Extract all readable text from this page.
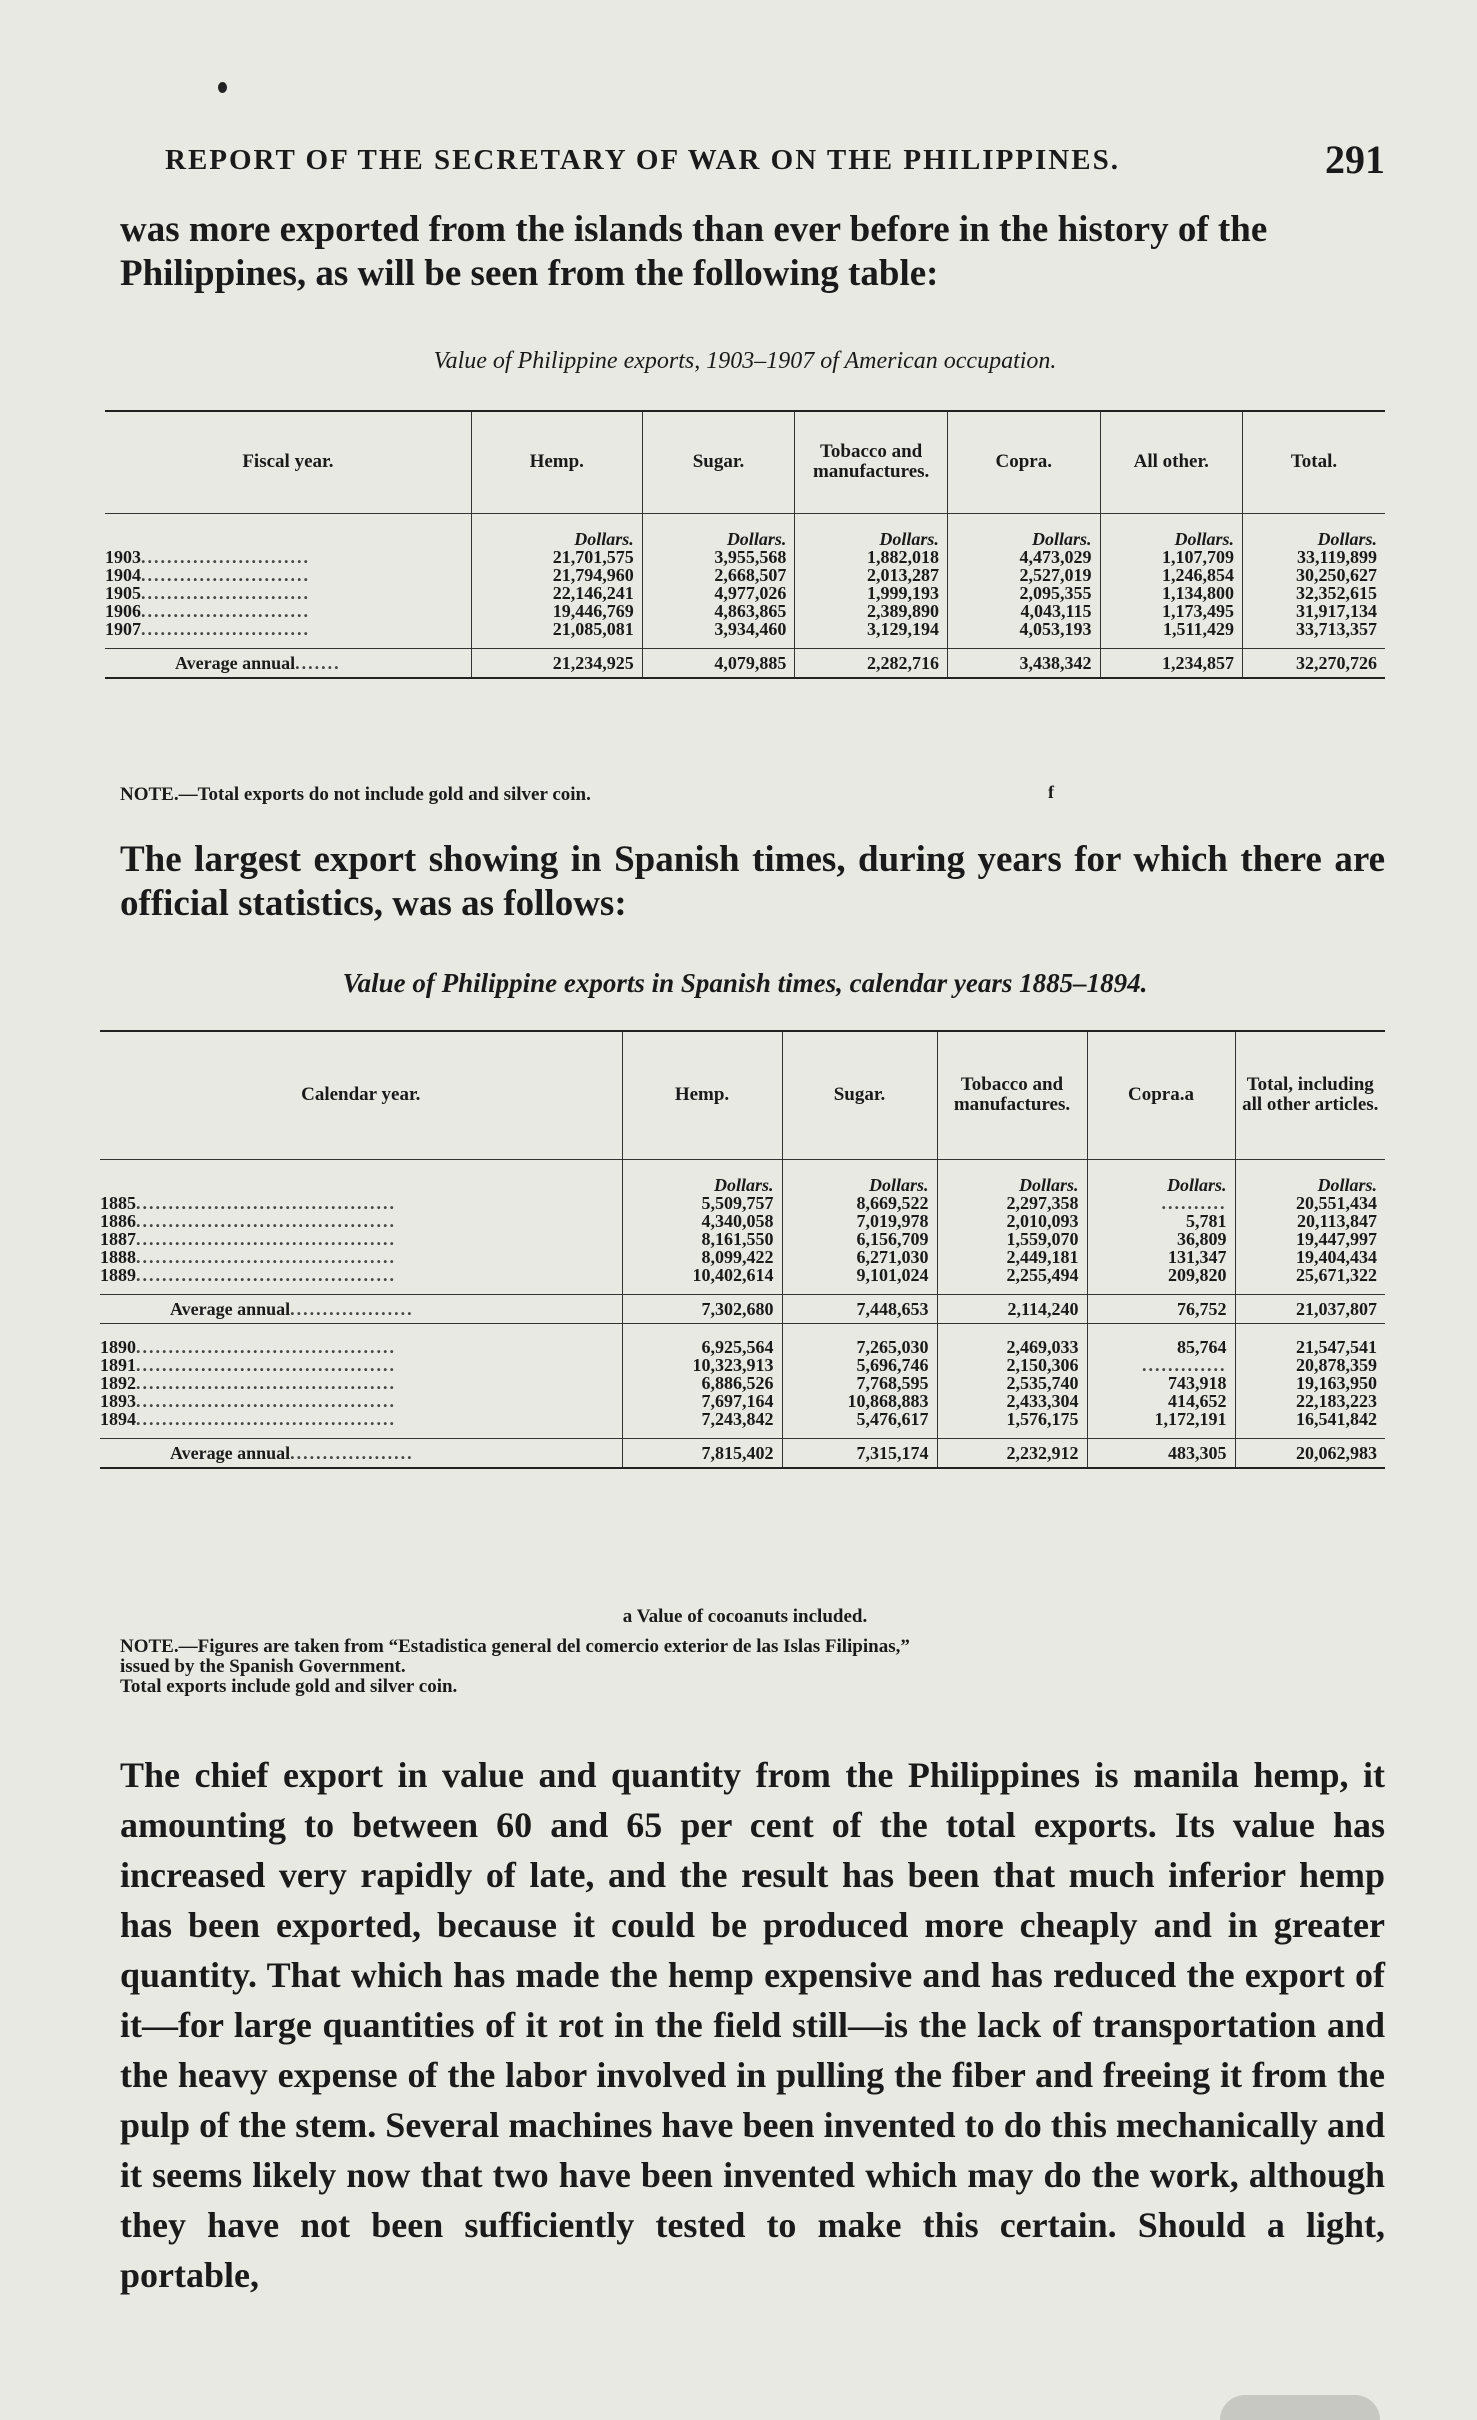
REPORT OF THE SECRETARY OF WAR ON THE PHILIPPINES.	291
was more exported from the islands than ever before in the history of the Philippines, as will be seen from the following table:
Value of Philippine exports, 1903–1907 of American occupation.
Fiscal year.	Hemp.	Sugar.	Tobacco and manufactures.	Copra.	All other.	Total.
	Dollars.	Dollars.	Dollars.	Dollars.	Dollars.	Dollars.
1903..........................	21,701,575	3,955,568	1,882,018	4,473,029	1,107,709	33,119,899
1904..........................	21,794,960	2,668,507	2,013,287	2,527,019	1,246,854	30,250,627
1905..........................	22,146,241	4,977,026	1,999,193	2,095,355	1,134,800	32,352,615
1906..........................	19,446,769	4,863,865	2,389,890	4,043,115	1,173,495	31,917,134
1907..........................	21,085,081	3,934,460	3,129,194	4,053,193	1,511,429	33,713,357
Average annual.......	21,234,925	4,079,885	2,282,716	3,438,342	1,234,857	32,270,726
NOTE.—Total exports do not include gold and silver coin.	f
The largest export showing in Spanish times, during years for which there are official statistics, was as follows:
Value of Philippine exports in Spanish times, calendar years 1885–1894.
Calendar year.	Hemp.	Sugar.	Tobacco and manufactures.	Copra.a	Total, including all other articles.
	Dollars.	Dollars.	Dollars.	Dollars.	Dollars.
1885........................................	5,509,757	8,669,522	2,297,358	..........	20,551,434
1886........................................	4,340,058	7,019,978	2,010,093	5,781	20,113,847
1887........................................	8,161,550	6,156,709	1,559,070	36,809	19,447,997
1888........................................	8,099,422	6,271,030	2,449,181	131,347	19,404,434
1889........................................	10,402,614	9,101,024	2,255,494	209,820	25,671,322
Average annual...................	7,302,680	7,448,653	2,114,240	76,752	21,037,807
1890........................................	6,925,564	7,265,030	2,469,033	85,764	21,547,541
1891........................................	10,323,913	5,696,746	2,150,306	.............	20,878,359
1892........................................	6,886,526	7,768,595	2,535,740	743,918	19,163,950
1893........................................	7,697,164	10,868,883	2,433,304	414,652	22,183,223
1894........................................	7,243,842	5,476,617	1,576,175	1,172,191	16,541,842
Average annual...................	7,815,402	7,315,174	2,232,912	483,305	20,062,983
a Value of cocoanuts included.
NOTE.—Figures are taken from “Estadistica general del comercio exterior de las Islas Filipinas,”
issued by the Spanish Government.
Total exports include gold and silver coin.
The chief export in value and quantity from the Philippines is manila hemp, it amounting to between 60 and 65 per cent of the total exports. Its value has increased very rapidly of late, and the result has been that much inferior hemp has been exported, because it could be produced more cheaply and in greater quantity. That which has made the hemp expensive and has reduced the export of it—for large quantities of it rot in the field still—is the lack of transportation and the heavy expense of the labor involved in pulling the fiber and freeing it from the pulp of the stem. Several machines have been invented to do this mechanically and it seems likely now that two have been invented which may do the work, although they have not been sufficiently tested to make this certain. Should a light, portable,
